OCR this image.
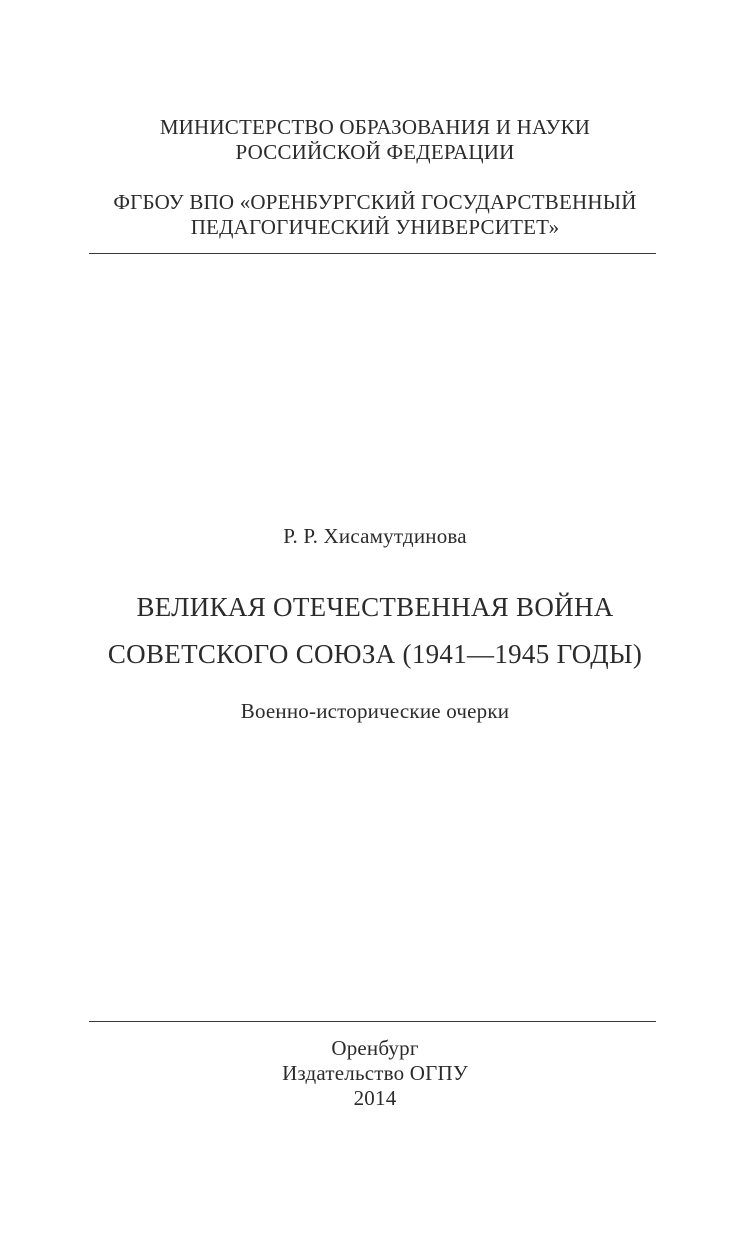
МИНИСТЕРСТВО ОБРАЗОВАНИЯ И НАУКИ
РОССИЙСКОЙ ФЕДЕРАЦИИ
ФГБОУ ВПО «ОРЕНБУРГСКИЙ ГОСУДАРСТВЕННЫЙ
ПЕДАГОГИЧЕСКИЙ УНИВЕРСИТЕТ»
Р. Р. Хисамутдинова
ВЕЛИКАЯ ОТЕЧЕСТВЕННАЯ ВОЙНА
СОВЕТСКОГО СОЮЗА (1941—1945 ГОДЫ)
Военно-исторические очерки
Оренбург
Издательство ОГПУ
2014
